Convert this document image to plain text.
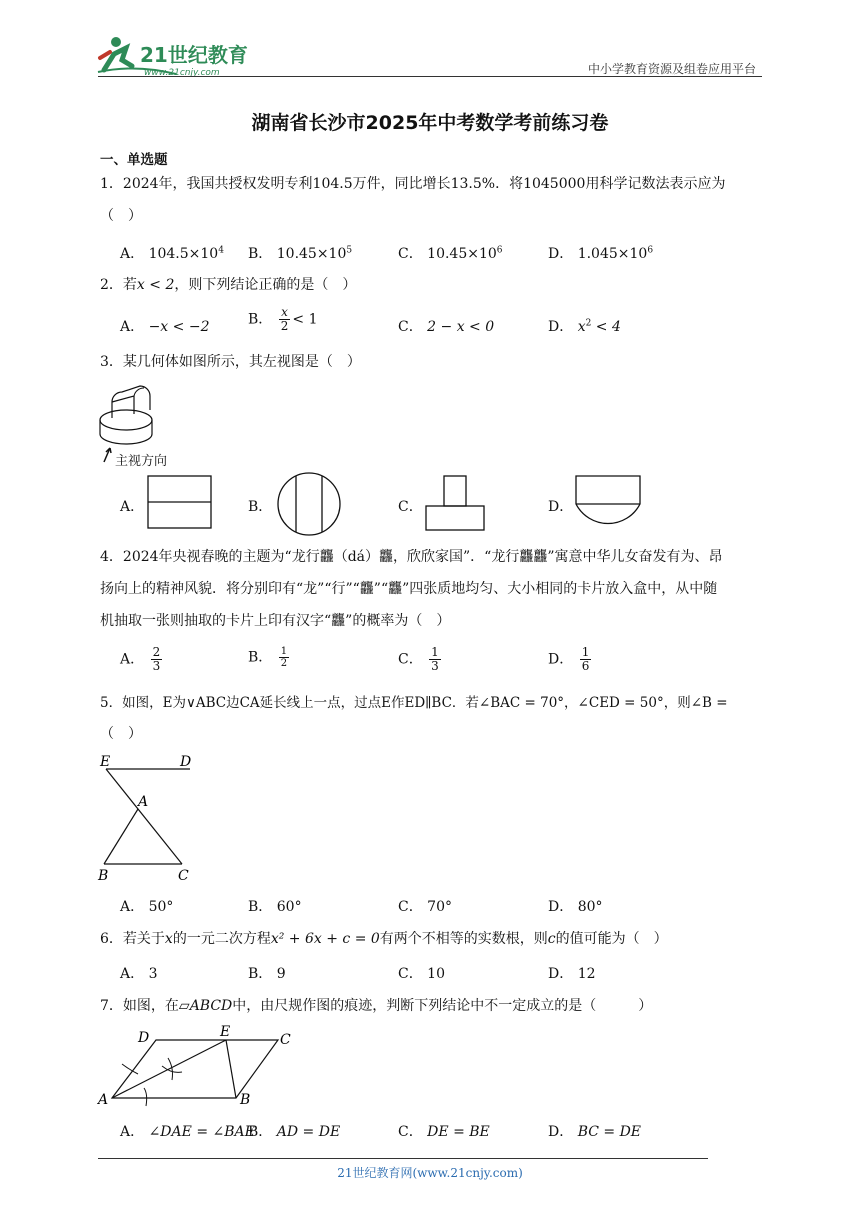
21世纪教育
www.21cnjy.com	中小学教育资源及组卷应用平台
湖南省长沙市2025年中考数学考前练习卷
一、单选题
1．2024年，我国共授权发明专利104.5万件，同比增长13.5%．将1045000用科学记数法表示应为
（　）
A． $104.5\times 10^4$ B． $10.45\times 10^5$	C． $10.45\times 10^6$	D． $1.045\times 10^6$
2．若x < 2，则下列结论正确的是（　）
A． −x < −2	B． $\frac{x}{2} < 1$	C． 2 − x < 0	D． $x^2 < 4$
3．某几何体如图所示，其左视图是（　）
主视方向
A．	B．	C．	D．
4．2024年央视春晚的主题为“龙行龘（dá）龘，欣欣家国”．“龙行龘龘”寓意中华儿女奋发有为、昂
扬向上的精神风貌．将分别印有“龙”“行”“龘”“龘”四张质地均匀、大小相同的卡片放入盒中，从中随
机抽取一张则抽取的卡片上印有汉字“龘”的概率为（　）
A． $\frac{2}{3}$	B． $\frac{1}{2}$	C． $\frac{1}{3}$	D． $\frac{1}{6}$
5．如图，E为∨ABC边CA延长线上一点，过点E作ED∥BC．若∠BAC = 70°，∠CED = 50°，则∠B =
（　）
E	D
A
B	C
A． 50°	B． 60°	C． 70°	D． 80°
6．若关于x的一元二次方程x² + 6x + c = 0有两个不相等的实数根，则c的值可能为（　）
A． 3	B． 9	C． 10	D． 12
7．如图，在▱ABCD中，由尺规作图的痕迹，判断下列结论中不一定成立的是（　　　）
D	E	C
A	B
A． ∠DAE = ∠BAE
B． AD = DE	C． DE = BE	D． BC = DE
21世纪教育网(www.21cnjy.com)
